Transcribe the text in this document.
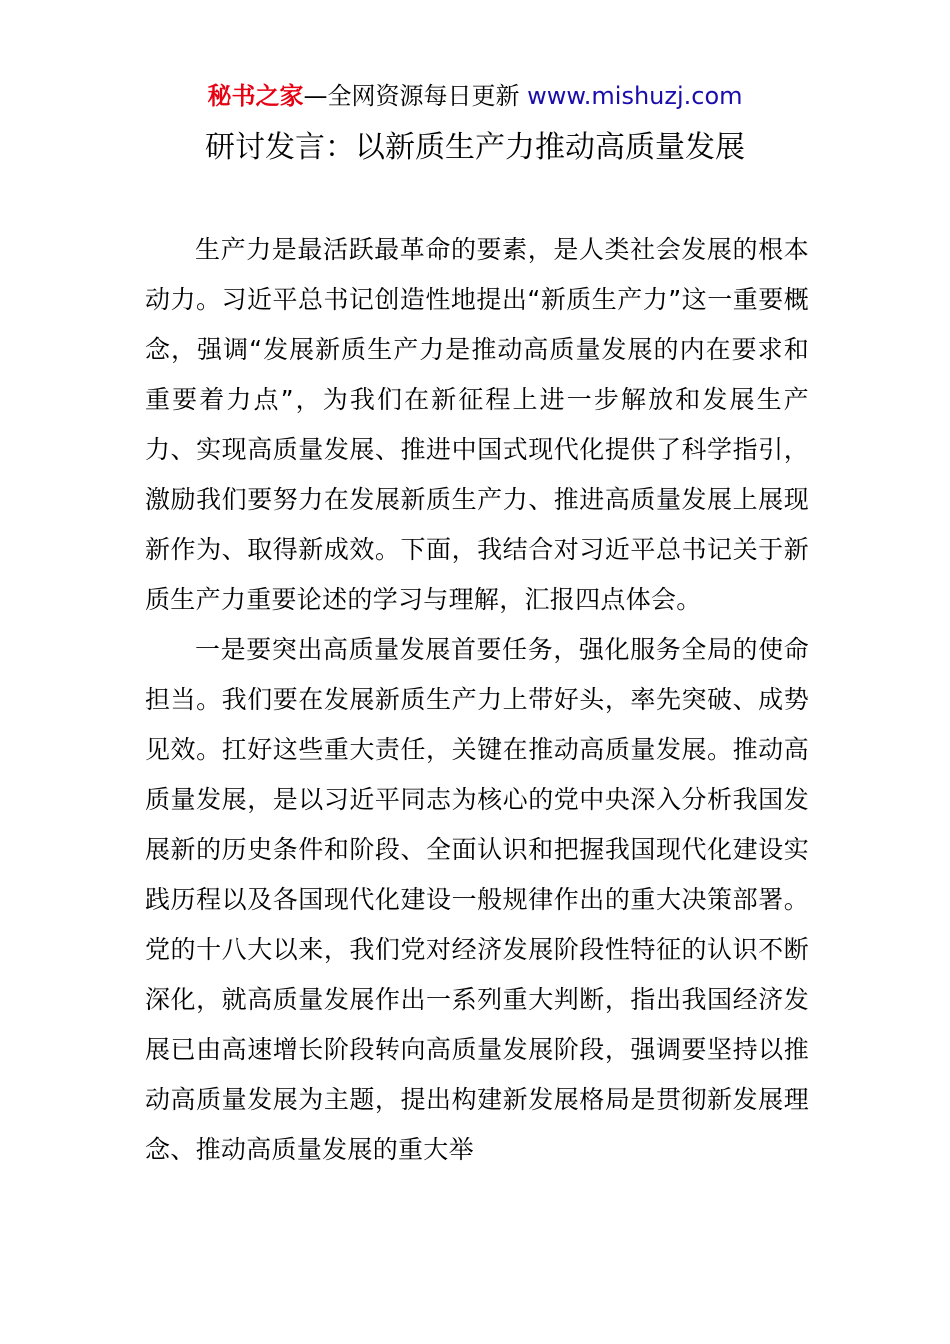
秘书之家—全网资源每日更新 www.mishuzj.com
研讨发言：以新质生产力推动高质量发展

生产力是最活跃最革命的要素，是人类社会发展的根本动力。习近平总书记创造性地提出“新质生产力”这一重要概念，强调“发展新质生产力是推动高质量发展的内在要求和重要着力点”，为我们在新征程上进一步解放和发展生产力、实现高质量发展、推进中国式现代化提供了科学指引，激励我们要努力在发展新质生产力、推进高质量发展上展现新作为、取得新成效。下面，我结合对习近平总书记关于新质生产力重要论述的学习与理解，汇报四点体会。

一是要突出高质量发展首要任务，强化服务全局的使命担当。我们要在发展新质生产力上带好头，率先突破、成势见效。扛好这些重大责任，关键在推动高质量发展。推动高质量发展，是以习近平同志为核心的党中央深入分析我国发展新的历史条件和阶段、全面认识和把握我国现代化建设实践历程以及各国现代化建设一般规律作出的重大决策部署。党的十八大以来，我们党对经济发展阶段性特征的认识不断深化，就高质量发展作出一系列重大判断，指出我国经济发展已由高速增长阶段转向高质量发展阶段，强调要坚持以推动高质量发展为主题，提出构建新发展格局是贯彻新发展理念、推动高质量发展的重大举
